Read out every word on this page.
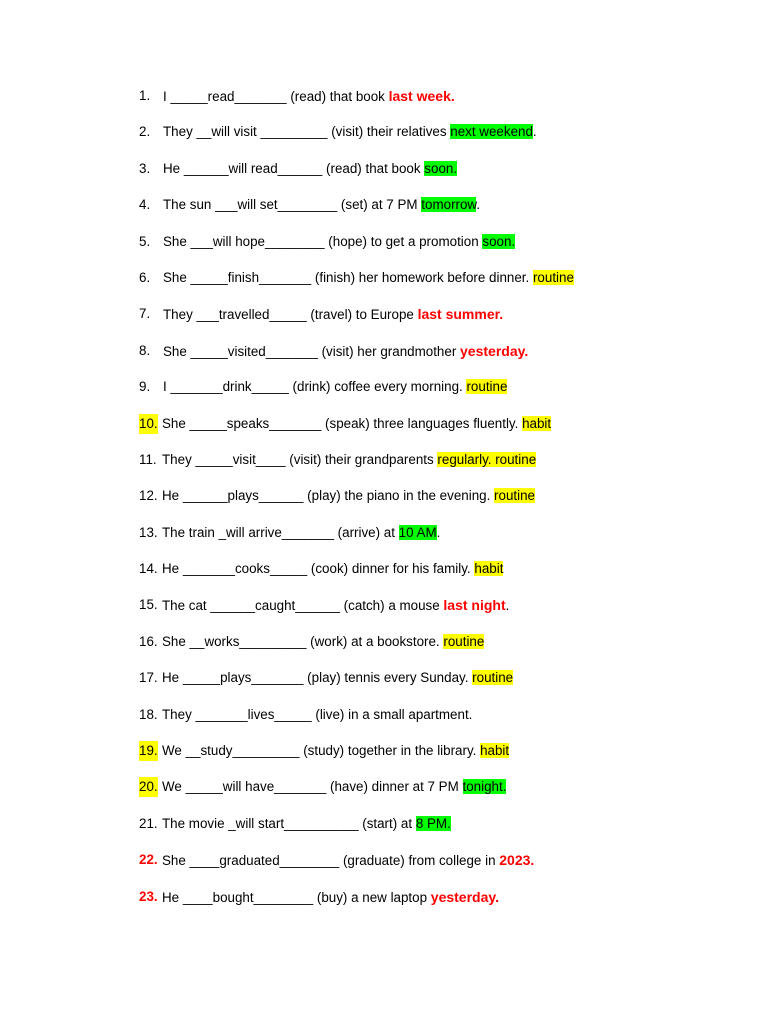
1. I _____read_______ (read) that book last week.
2. They __will visit _________ (visit) their relatives next weekend.
3. He ______will read______ (read) that book soon.
4. The sun ___will set________ (set) at 7 PM tomorrow.
5. She ___will hope________ (hope) to get a promotion soon.
6. She _____finish_______ (finish) her homework before dinner. routine
7. They ___travelled_____ (travel) to Europe last summer.
8. She _____visited_______ (visit) her grandmother yesterday.
9. I _______drink_____ (drink) coffee every morning. routine
10. She _____speaks_______ (speak) three languages fluently. habit
11. They _____visit____ (visit) their grandparents regularly. routine
12. He ______plays______ (play) the piano in the evening. routine
13. The train _will arrive_______ (arrive) at 10 AM.
14. He _______cooks_____ (cook) dinner for his family. habit
15. The cat ______caught______ (catch) a mouse last night.
16. She __works_________ (work) at a bookstore. routine
17. He _____plays_______ (play) tennis every Sunday. routine
18. They _______lives_____ (live) in a small apartment.
19. We __study_________ (study) together in the library. habit
20. We _____will have_______ (have) dinner at 7 PM tonight.
21. The movie _will start__________ (start) at 8 PM.
22. She ____graduated________ (graduate) from college in 2023.
23. He ____bought________ (buy) a new laptop yesterday.
